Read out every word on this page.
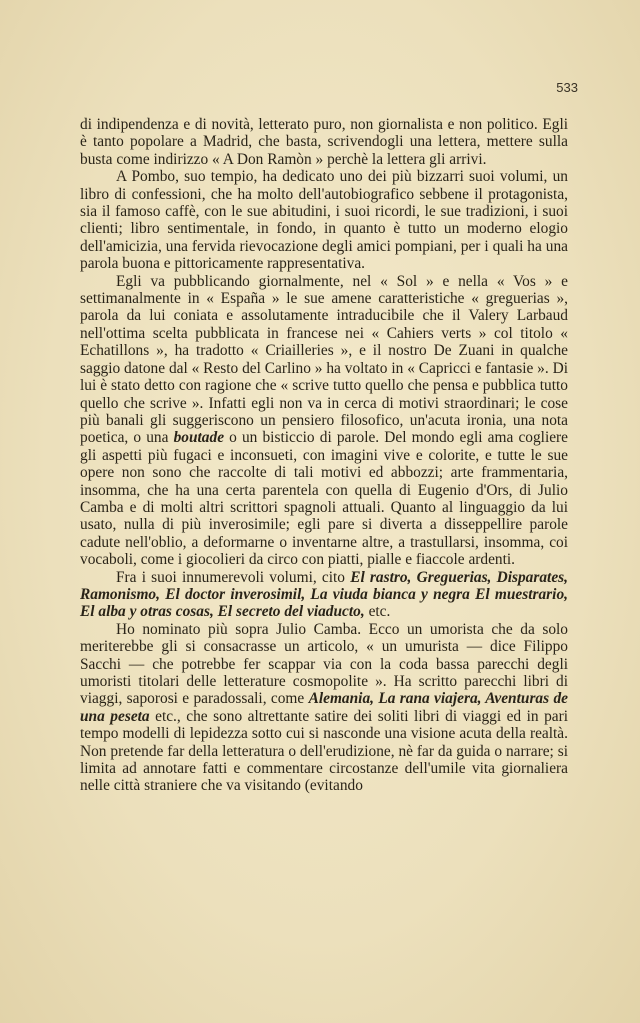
533

di indipendenza e di novità, letterato puro, non giornalista e non politico. Egli è tanto popolare a Madrid, che basta, scrivendogli una lettera, mettere sulla busta come indirizzo « A Don Ramòn » perchè la lettera gli arrivi.

A Pombo, suo tempio, ha dedicato uno dei più bizzarri suoi volumi, un libro di confessioni, che ha molto dell'autobiografico sebbene il protagonista, sia il famoso caffè, con le sue abitudini, i suoi ricordi, le sue tradizioni, i suoi clienti; libro sentimentale, in fondo, in quanto è tutto un moderno elogio dell'amicizia, una fervida rievocazione degli amici pompiani, per i quali ha una parola buona e pittoricamente rappresentativa.

Egli va pubblicando giornalmente, nel « Sol » e nella « Vos » e settimanalmente in « España » le sue amene caratteristiche « greguerias », parola da lui coniata e assolutamente intraducibile che il Valery Larbaud nell'ottima scelta pubblicata in francese nei « Cahiers verts » col titolo « Echatillons », ha tradotto « Criailleries », e il nostro De Zuani in qualche saggio datone dal « Resto del Carlino » ha voltato in « Capricci e fantasie ». Di lui è stato detto con ragione che « scrive tutto quello che pensa e pubblica tutto quello che scrive ». Infatti egli non va in cerca di motivi straordinari; le cose più banali gli suggeriscono un pensiero filosofico, un'acuta ironia, una nota poetica, o una boutade o un bisticcio di parole. Del mondo egli ama cogliere gli aspetti più fugaci e inconsueti, con imagini vive e colorite, e tutte le sue opere non sono che raccolte di tali motivi ed abbozzi; arte frammentaria, insomma, che ha una certa parentela con quella di Eugenio d'Ors, di Julio Camba e di molti altri scrittori spagnoli attuali. Quanto al linguaggio da lui usato, nulla di più inverosimile; egli pare si diverta a disseppellire parole cadute nell'oblio, a deformarne o inventarne altre, a trastullarsi, insomma, coi vocaboli, come i giocolieri da circo con piatti, pialle e fiaccole ardenti.

Fra i suoi innumerevoli volumi, cito El rastro, Greguerias, Disparates, Ramonismo, El doctor inverosimil, La viuda bianca y negra El muestrario, El alba y otras cosas, El secreto del viaducto, etc.

Ho nominato più sopra Julio Camba. Ecco un umorista che da solo meriterebbe gli si consacrasse un articolo, « un umurista — dice Filippo Sacchi — che potrebbe fer scappar via con la coda bassa parecchi degli umoristi titolari delle letterature cosmopolite ». Ha scritto parecchi libri di viaggi, saporosi e paradossali, come Alemania, La rana viajera, Aventuras de una peseta etc., che sono altrettante satire dei soliti libri di viaggi ed in pari tempo modelli di lepidezza sotto cui si nasconde una visione acuta della realtà. Non pretende far della letteratura o dell'erudizione, nè far da guida o narrare; si limita ad annotare fatti e commentare circostanze dell'umile vita giornaliera nelle città straniere che va visitando (evitando
